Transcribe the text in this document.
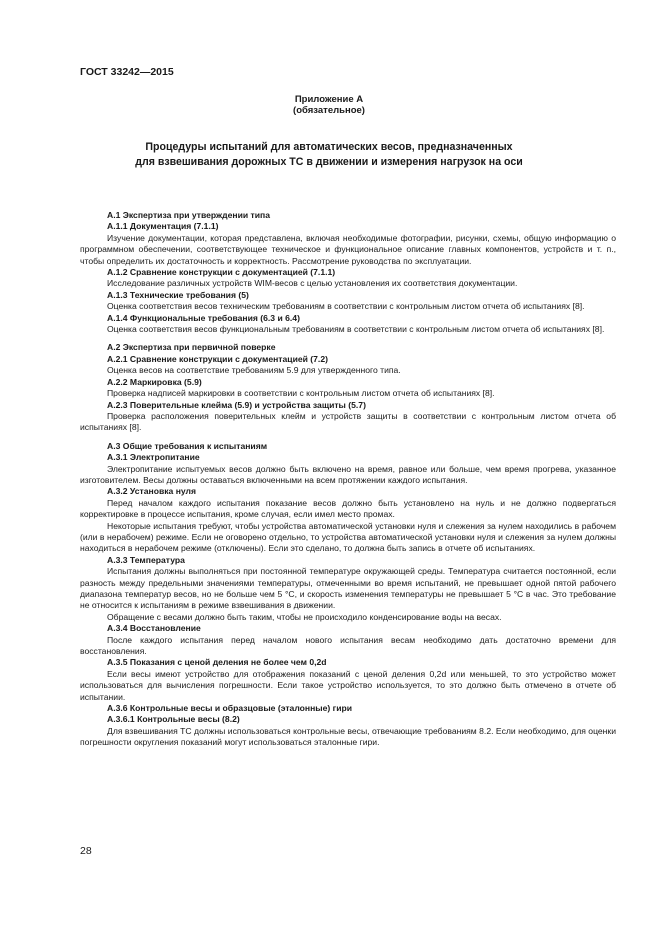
ГОСТ 33242—2015
Приложение А
(обязательное)
Процедуры испытаний для автоматических весов, предназначенных
для взвешивания дорожных ТС в движении и измерения нагрузок на оси

А.1 Экспертиза при утверждении типа

А.1.1 Документация (7.1.1)

Изучение документации, которая представлена, включая необходимые фотографии, рисунки, схемы, общую информацию о программном обеспечении, соответствующее техническое и функциональное описание главных компонентов, устройств и т. п., чтобы определить их достаточность и корректность. Рассмотрение руководства по эксплуатации.

А.1.2 Сравнение конструкции с документацией (7.1.1)

Исследование различных устройств WIM-весов с целью установления их соответствия документации.

А.1.3 Технические требования (5)

Оценка соответствия весов техническим требованиям в соответствии с контрольным листом отчета об испытаниях [8].

А.1.4 Функциональные требования (6.3 и 6.4)

Оценка соответствия весов функциональным требованиям в соответствии с контрольным листом отчета об испытаниях [8].

А.2 Экспертиза при первичной поверке

А.2.1 Сравнение конструкции с документацией (7.2)

Оценка весов на соответствие требованиям 5.9 для утвержденного типа.

А.2.2 Маркировка (5.9)

Проверка надписей маркировки в соответствии с контрольным листом отчета об испытаниях [8].

А.2.3 Поверительные клейма (5.9) и устройства защиты (5.7)

Проверка расположения поверительных клейм и устройств защиты в соответствии с контрольным листом отчета об испытаниях [8].

А.3 Общие требования к испытаниям

А.3.1 Электропитание

Электропитание испытуемых весов должно быть включено на время, равное или больше, чем время прогрева, указанное изготовителем. Весы должны оставаться включенными на всем протяжении каждого испытания.

А.3.2 Установка нуля

Перед началом каждого испытания показание весов должно быть установлено на нуль и не должно подвергаться корректировке в процессе испытания, кроме случая, если имел место промах.

Некоторые испытания требуют, чтобы устройства автоматической установки нуля и слежения за нулем находились в рабочем (или в нерабочем) режиме. Если не оговорено отдельно, то устройства автоматической установки нуля и слежения за нулем должны находиться в нерабочем режиме (отключены). Если это сделано, то должна быть запись в отчете об испытаниях.

А.3.3 Температура

Испытания должны выполняться при постоянной температуре окружающей среды. Температура считается постоянной, если разность между предельными значениями температуры, отмеченными во время испытаний, не превышает одной пятой рабочего диапазона температур весов, но не больше чем 5 °С, и скорость изменения температуры не превышает 5 °С в час. Это требование не относится к испытаниям в режиме взвешивания в движении.

Обращение с весами должно быть таким, чтобы не происходило конденсирование воды на весах.

А.3.4 Восстановление

После каждого испытания перед началом нового испытания весам необходимо дать достаточно времени для восстановления.

А.3.5 Показания с ценой деления не более чем 0,2d

Если весы имеют устройство для отображения показаний с ценой деления 0,2d или меньшей, то это устройство может использоваться для вычисления погрешности. Если такое устройство используется, то это должно быть отмечено в отчете об испытании.

А.3.6 Контрольные весы и образцовые (эталонные) гири

А.3.6.1 Контрольные весы (8.2)

Для взвешивания ТС должны использоваться контрольные весы, отвечающие требованиям 8.2. Если необходимо, для оценки погрешности округления показаний могут использоваться эталонные гири.

28
